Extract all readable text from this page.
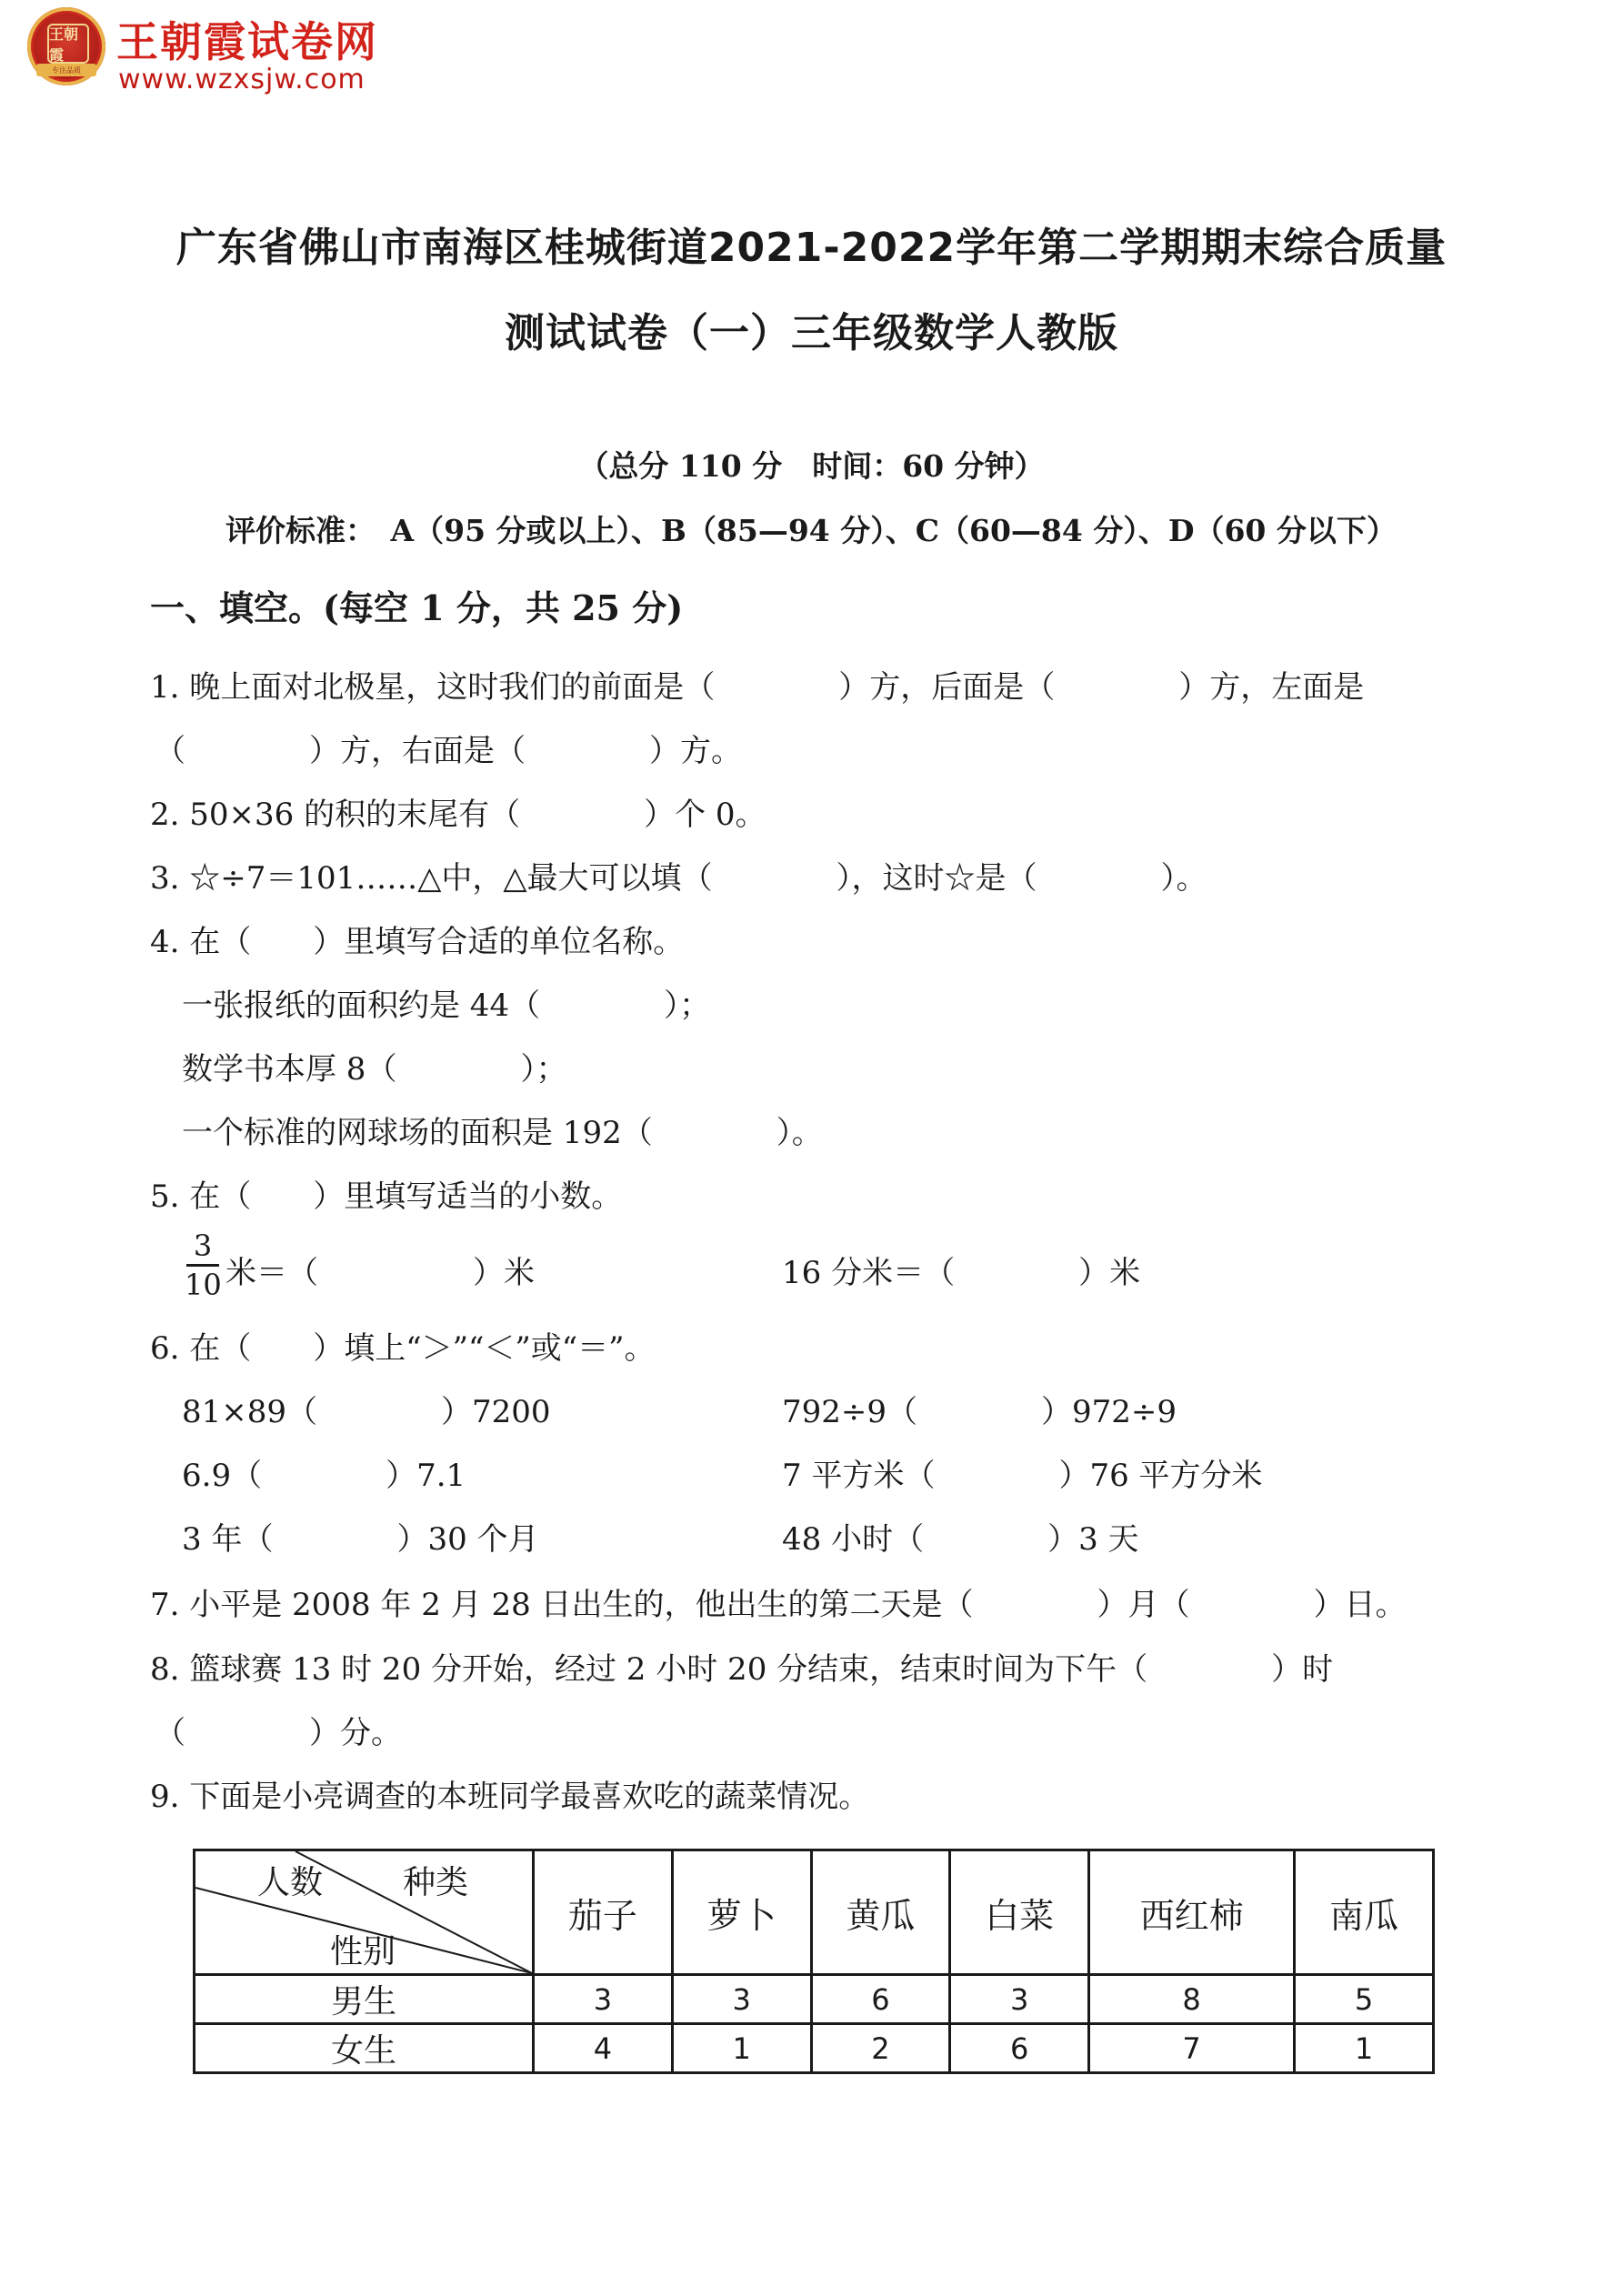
王朝霞
专注品质
王朝霞试卷网
www.wzxsjw.com
广东省佛山市南海区桂城街道2021-2022学年第二学期期末综合质量
测试试卷（一）三年级数学人教版
（总分 110 分　时间：60 分钟）
评价标准：　A（95 分或以上）、B（85—94 分）、C（60—84 分）、D（60 分以下）
一、填空。(每空 1 分，共 25 分)
1. 晚上面对北极星，这时我们的前面是（　　　　）方，后面是（　　　　）方，左面是
（　　　　）方，右面是（　　　　）方。
2. 50×36 的积的末尾有（　　　　）个 0。
3. ☆÷7＝101……△中，△最大可以填（　　　　），这时☆是（　　　　）。
4. 在（　　）里填写合适的单位名称。
一张报纸的面积约是 44（　　　　）；
数学书本厚 8（　　　　）；
一个标准的网球场的面积是 192（　　　　）。
5. 在（　　）里填写适当的小数。
3
10 米＝（　　　　　）米	16 分米＝（　　　　）米
6. 在（　　）填上“＞”“＜”或“＝”。
81×89（　　　　）7200	792÷9（　　　　）972÷9
6.9（　　　　）7.1	7 平方米（　　　　）76 平方分米
3 年（　　　　）30 个月	48 小时（　　　　）3 天
7. 小平是 2008 年 2 月 28 日出生的，他出生的第二天是（　　　　）月（　　　　）日。
8. 篮球赛 13 时 20 分开始，经过 2 小时 20 分结束，结束时间为下午（　　　　）时
（　　　　）分。
9. 下面是小亮调查的本班同学最喜欢吃的蔬菜情况。
人数 种类
性别	茄子	萝卜	黄瓜	白菜	西红柿	南瓜
男生	3	3	6	3	8	5
女生	4	1	2	6	7	1
